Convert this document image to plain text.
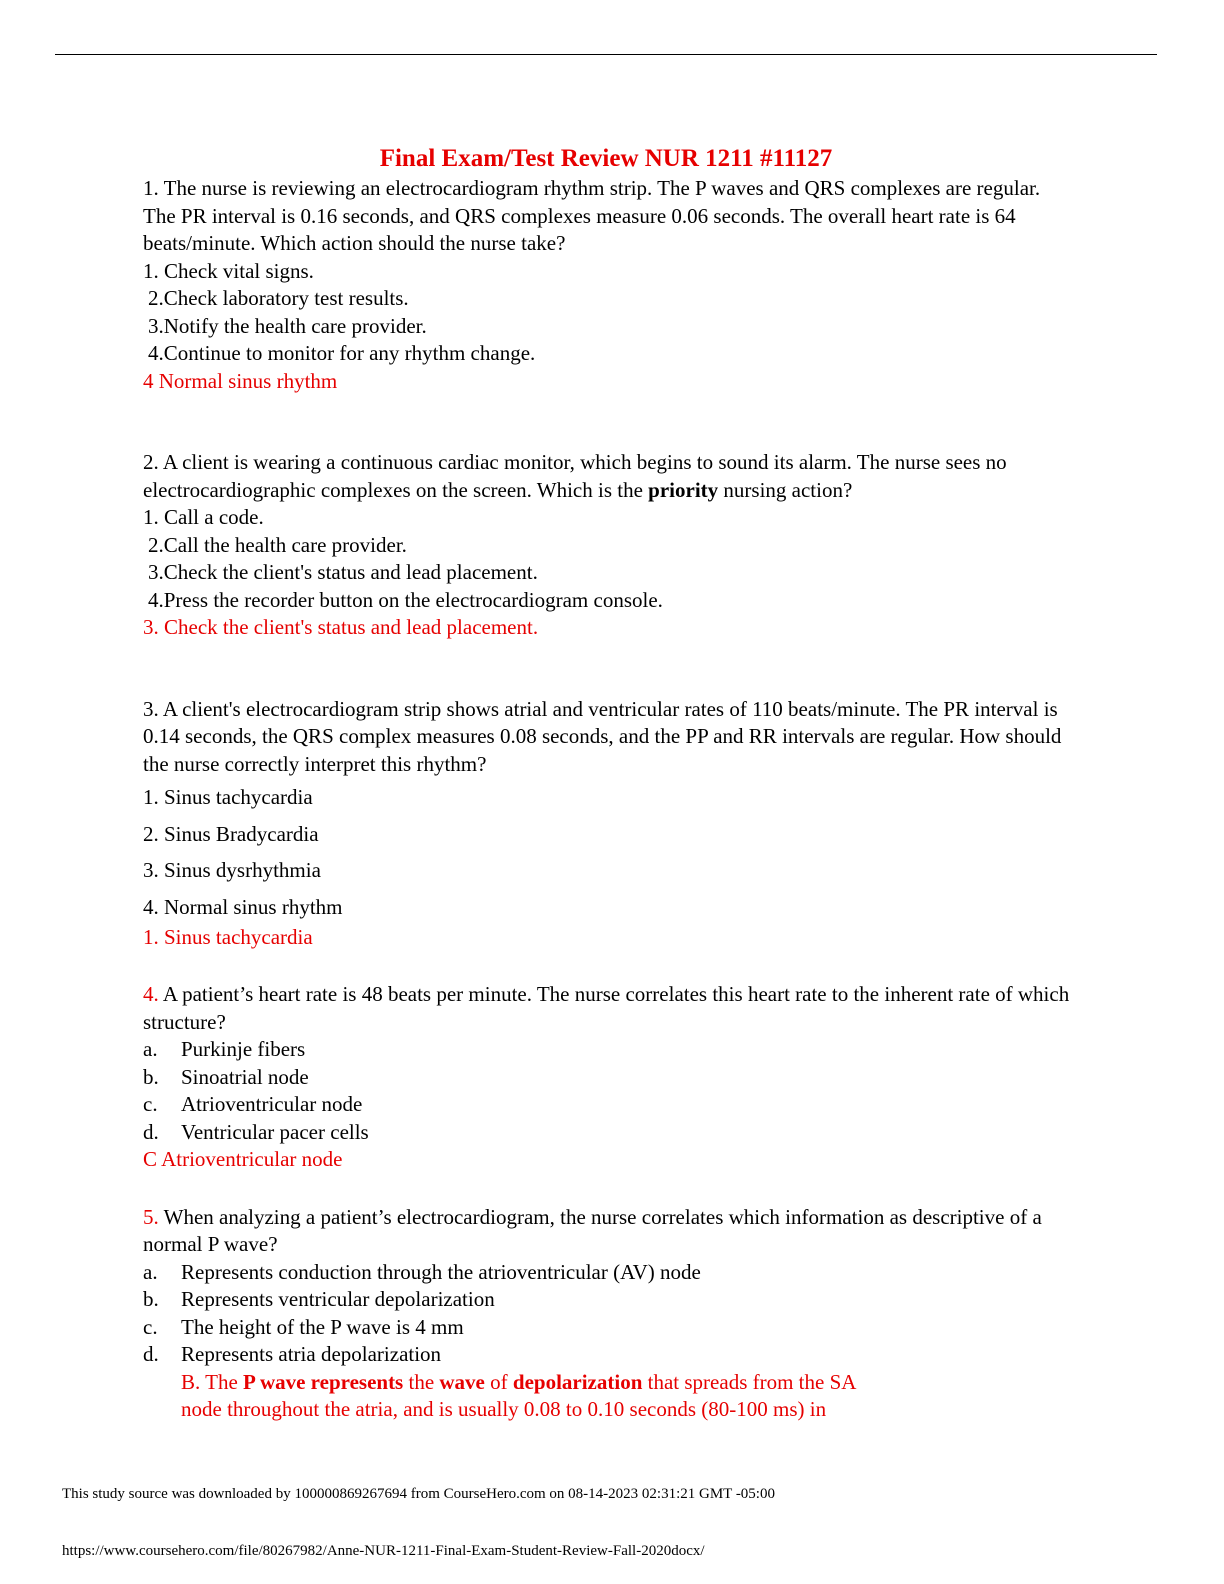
Final Exam/Test Review NUR 1211 #11127

1. The nurse is reviewing an electrocardiogram rhythm strip. The P waves and QRS complexes are regular. The PR interval is 0.16 seconds, and QRS complexes measure 0.06 seconds. The overall heart rate is 64 beats/minute. Which action should the nurse take?

1. Check vital signs.

2.Check laboratory test results.

3.Notify the health care provider.

4.Continue to monitor for any rhythm change.

4 Normal sinus rhythm

2. A client is wearing a continuous cardiac monitor, which begins to sound its alarm. The nurse sees no electrocardiographic complexes on the screen. Which is the priority nursing action?

1. Call a code.

2.Call the health care provider.

3.Check the client's status and lead placement.

4.Press the recorder button on the electrocardiogram console.

3. Check the client's status and lead placement.

3. A client's electrocardiogram strip shows atrial and ventricular rates of 110 beats/minute. The PR interval is 0.14 seconds, the QRS complex measures 0.08 seconds, and the PP and RR intervals are regular. How should the nurse correctly interpret this rhythm?

1. Sinus tachycardia

2. Sinus Bradycardia

3. Sinus dysrhythmia

4. Normal sinus rhythm

1. Sinus tachycardia

4. A patient’s heart rate is 48 beats per minute. The nurse correlates this heart rate to the inherent rate of which structure?

a.	Purkinje fibers
b.	Sinoatrial node
c.	Atrioventricular node
d.	Ventricular pacer cells

C Atrioventricular node

5. When analyzing a patient’s electrocardiogram, the nurse correlates which information as descriptive of a normal P wave?

a.	Represents conduction through the atrioventricular (AV) node
b.	Represents ventricular depolarization
c.	The height of the P wave is 4 mm
d.	Represents atria depolarization
B. The P wave represents the wave of depolarization that spreads from the SA
node throughout the atria, and is usually 0.08 to 0.10 seconds (80-100 ms) in
This study source was downloaded by 100000869267694 from CourseHero.com on 08-14-2023 02:31:21 GMT -05:00
https://www.coursehero.com/file/80267982/Anne-NUR-1211-Final-Exam-Student-Review-Fall-2020docx/
